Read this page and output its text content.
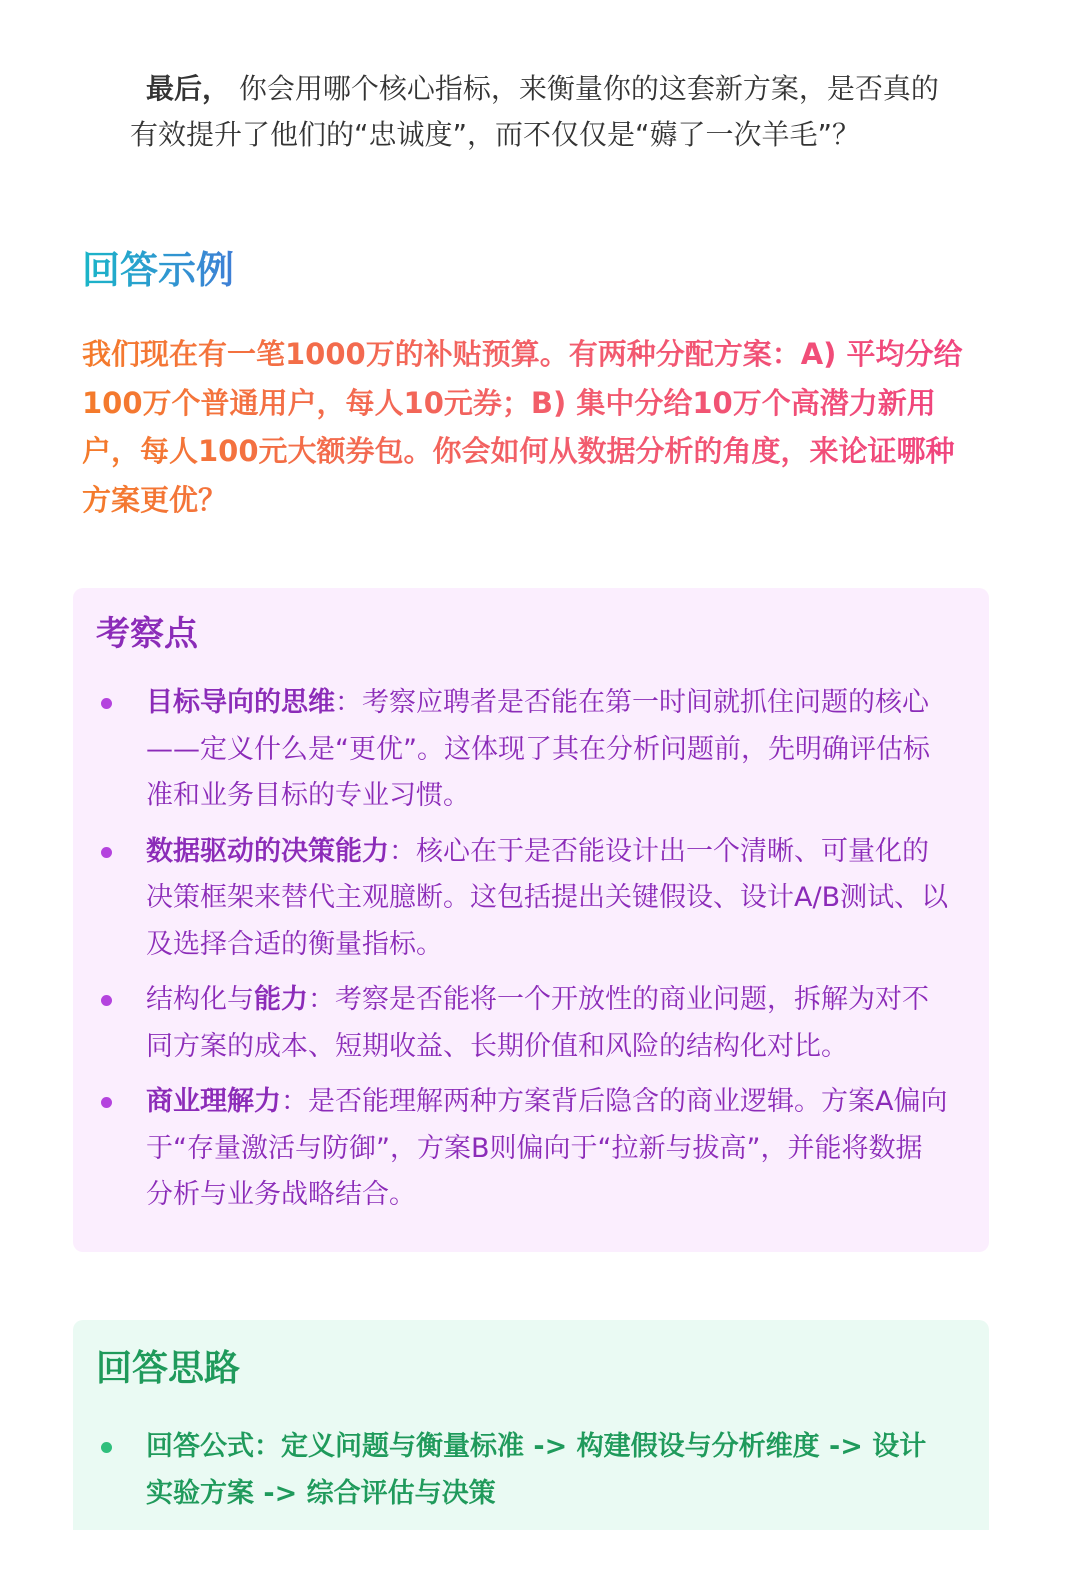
最后， 你会用哪个核心指标，来衡量你的这套新方案，是否真的有效提升了他们的“忠诚度”，而不仅仅是“薅了一次羊毛”？
回答示例
我们现在有一笔1000万的补贴预算。有两种分配方案：A) 平均分给100万个普通用户，每人10元券；B) 集中分给10万个高潜力新用户，每人100元大额券包。你会如何从数据分析的角度，来论证哪种方案更优？
考察点
目标导向的思维：考察应聘者是否能在第一时间就抓住问题的核心——定义什么是“更优”。这体现了其在分析问题前，先明确评估标准和业务目标的专业习惯。
数据驱动的决策能力：核心在于是否能设计出一个清晰、可量化的决策框架来替代主观臆断。这包括提出关键假设、设计A/B测试、以及选择合适的衡量指标。
结构化与能力：考察是否能将一个开放性的商业问题，拆解为对不同方案的成本、短期收益、长期价值和风险的结构化对比。
商业理解力：是否能理解两种方案背后隐含的商业逻辑。方案A偏向于“存量激活与防御”，方案B则偏向于“拉新与拔高”，并能将数据分析与业务战略结合。
回答思路
回答公式：定义问题与衡量标准 -> 构建假设与分析维度 -> 设计实验方案 -> 综合评估与决策
